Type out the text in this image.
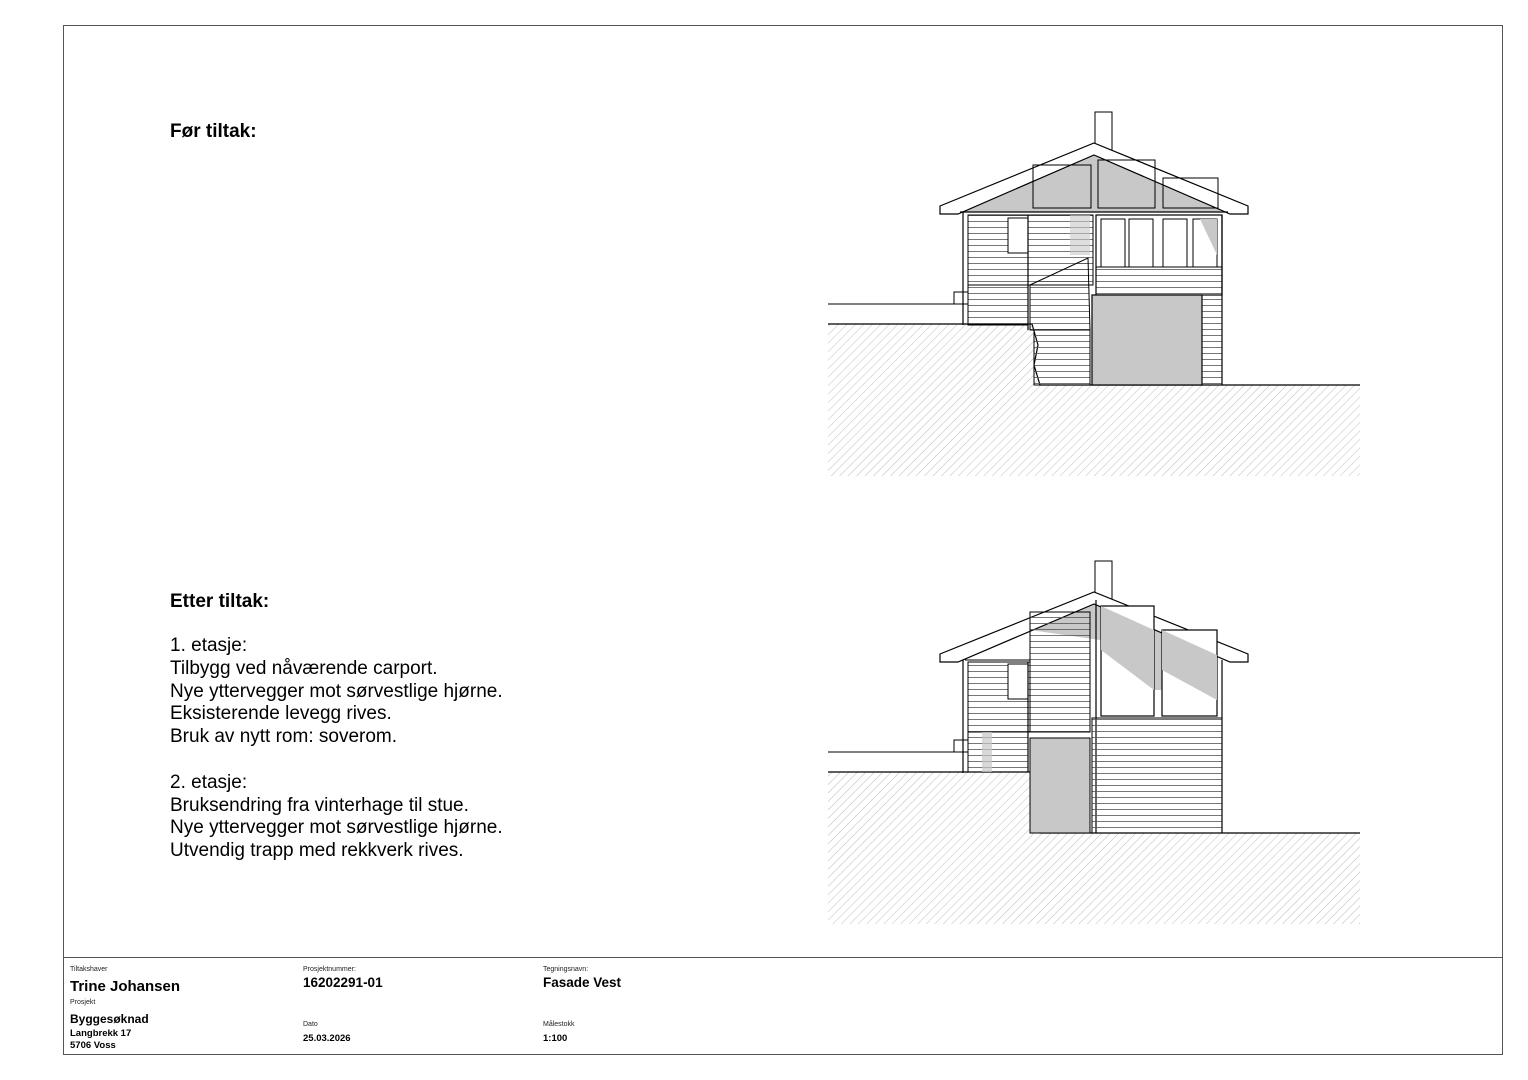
Før tiltak:
Etter tiltak:
1. etasje:
Tilbygg ved nåværende carport.
Nye yttervegger mot sørvestlige hjørne.
Eksisterende levegg rives.
Bruk av nytt rom: soverom.
2. etasje:
Bruksendring fra vinterhage til stue.
Nye yttervegger mot sørvestlige hjørne.
Utvendig trapp med rekkverk rives.
Tiltakshaver
Trine Johansen
Prosjekt
Byggesøknad
Langbrekk 17
5706 Voss
Prosjektnummer:
16202291-01
Dato
25.03.2026
Tegningsnavn:
Fasade Vest
Målestokk
1:100
